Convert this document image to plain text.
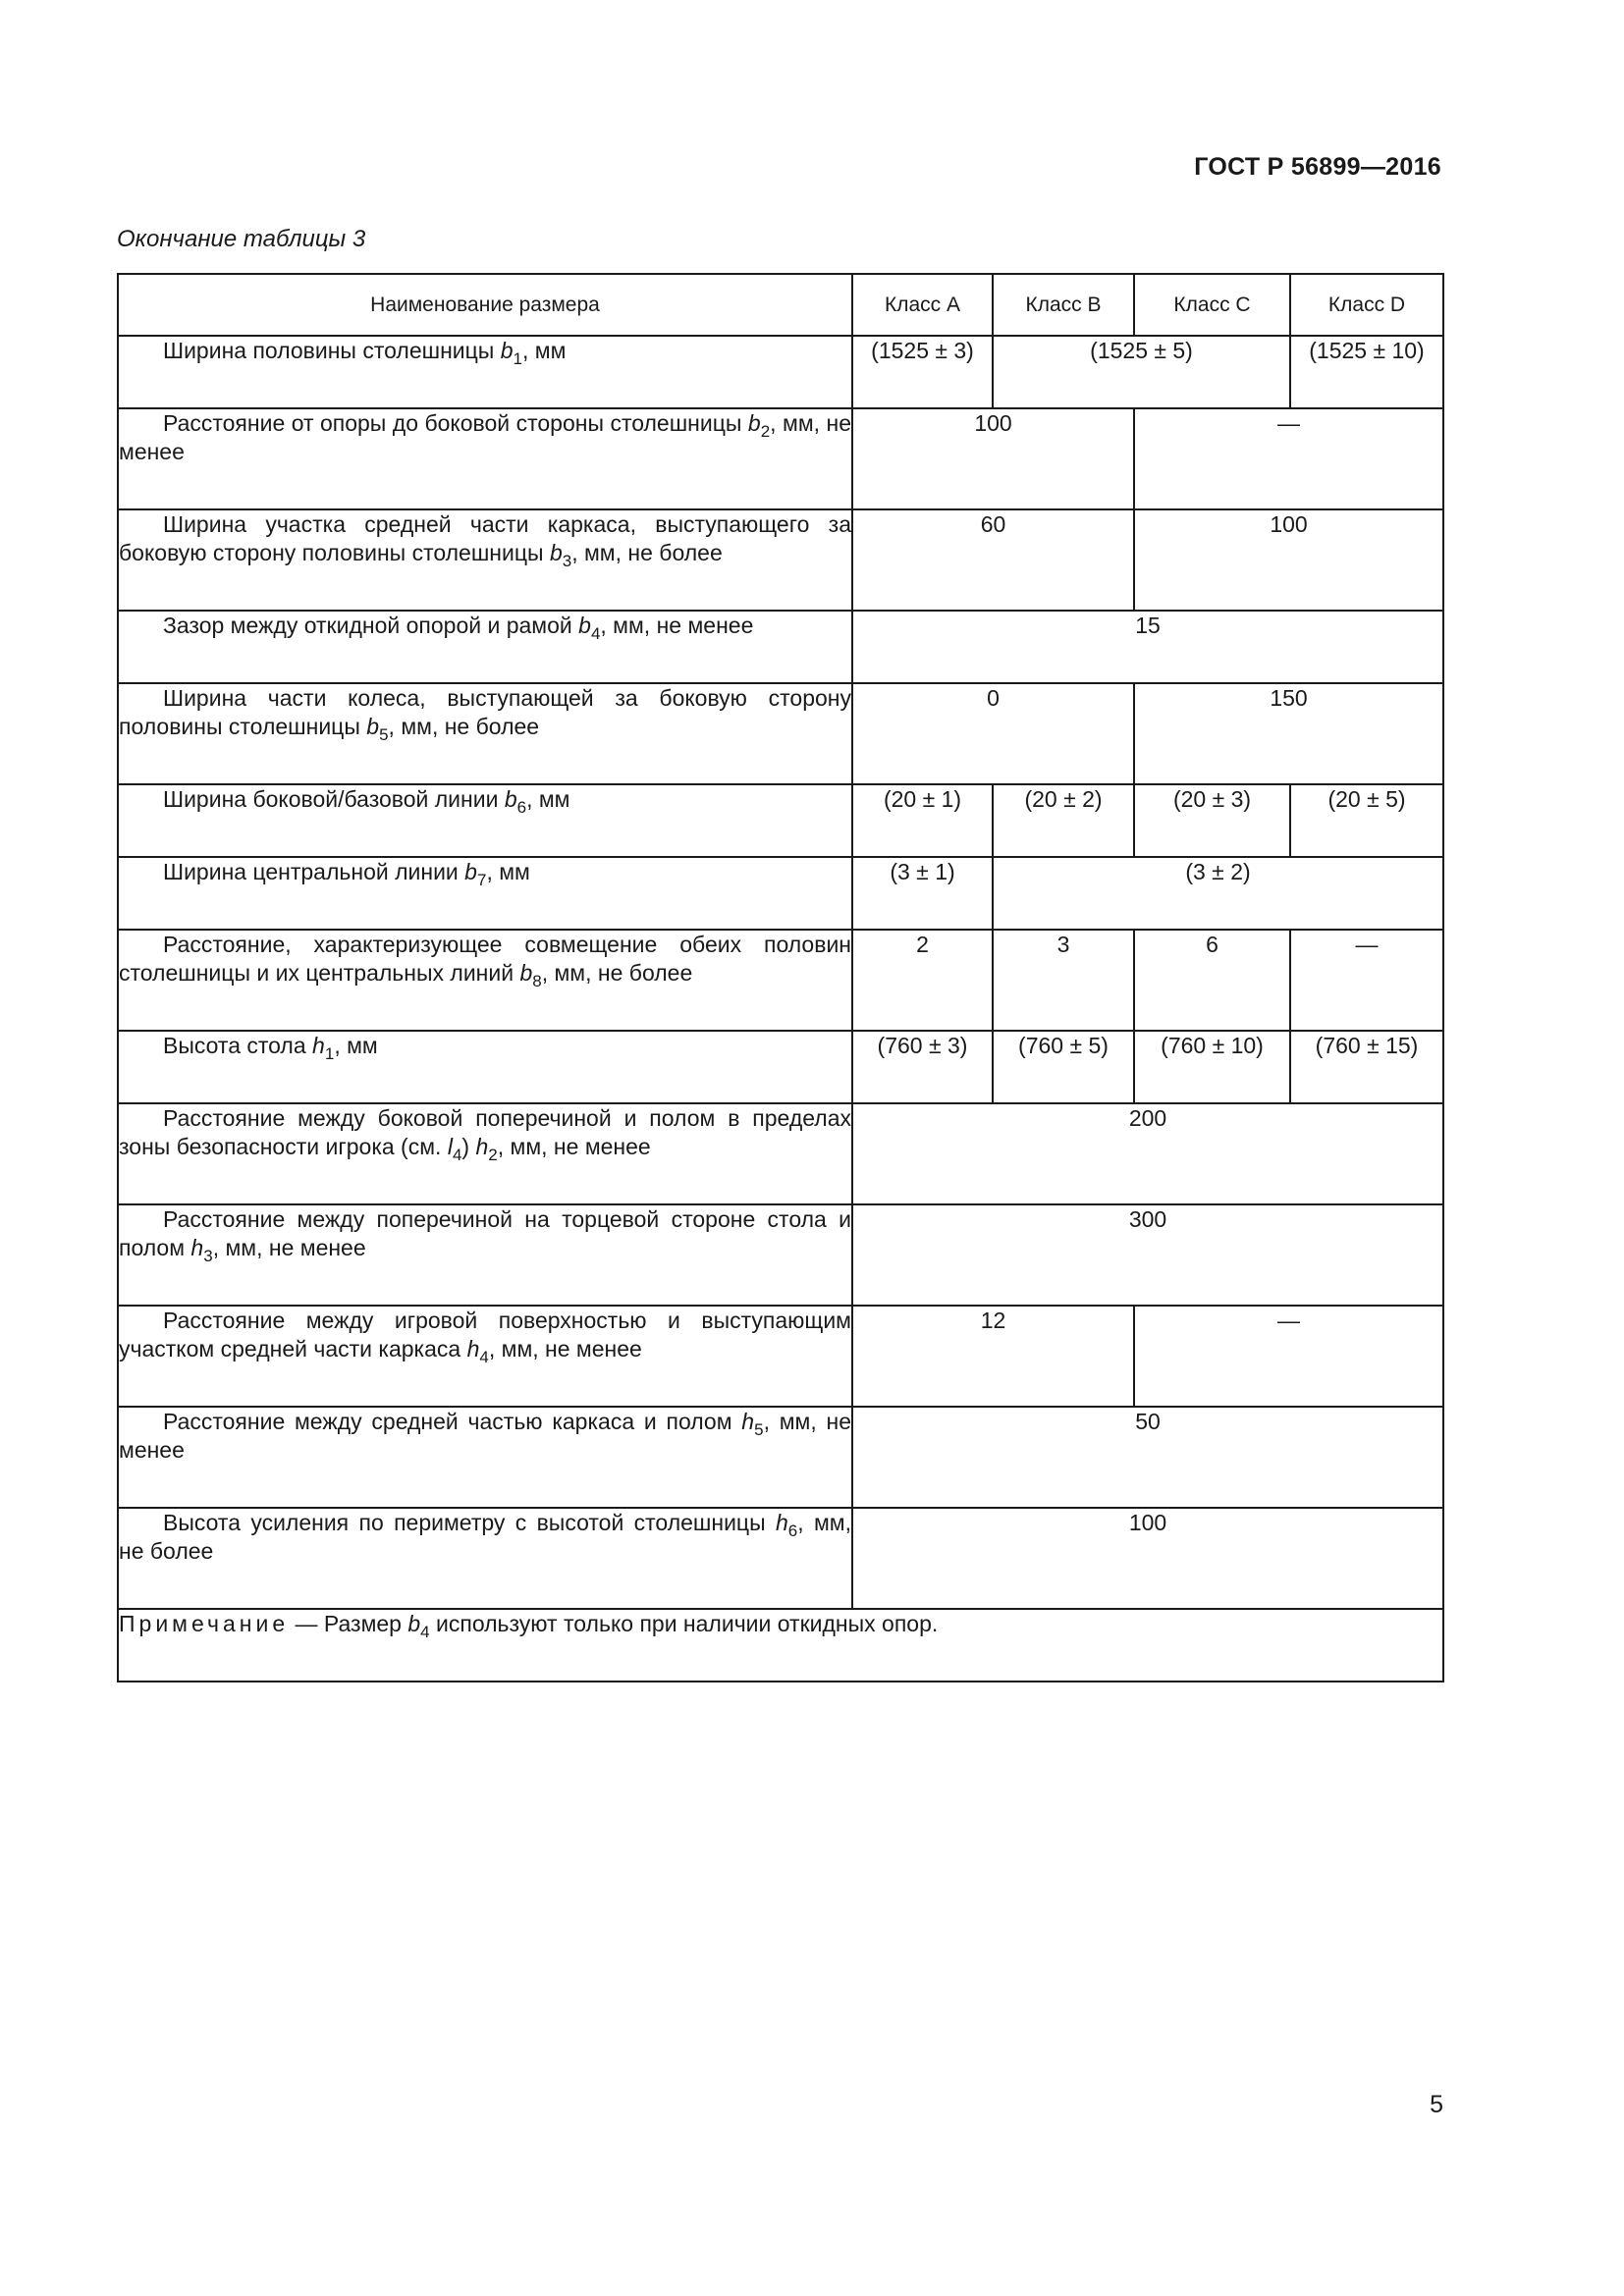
ГОСТ Р 56899—2016
Окончание таблицы 3
Наименование размера	Класс A	Класс B	Класс C	Класс D
Ширина половины столешницы $b_1$, мм	(1525 ± 3)	(1525 ± 5)		(1525 ± 10)
Расстояние от опоры до боковой стороны столешницы $b_2$, мм, не менее	100		—	
Ширина участка средней части каркаса, выступающего за боковую сторону половины столешницы $b_3$, мм, не более	60		100	
Зазор между откидной опорой и рамой $b_4$, мм, не менее	15			
Ширина части колеса, выступающей за боковую сторону половины столешницы $b_5$, мм, не более	0		150	
Ширина боковой/базовой линии $b_6$, мм	(20 ± 1)	(20 ± 2)	(20 ± 3)	(20 ± 5)
Ширина центральной линии $b_7$, мм	(3 ± 1)	(3 ± 2)		
Расстояние, характеризующее совмещение обеих половин столешницы и их центральных линий $b_8$, мм, не более	2	3	6	—
Высота стола $h_1$, мм	(760 ± 3)	(760 ± 5)	(760 ± 10)	(760 ± 15)
Расстояние между боковой поперечиной и полом в пределах зоны безопасности игрока (см. $l_4$) $h_2$, мм, не менее	200			
Расстояние между поперечиной на торцевой стороне стола и полом $h_3$, мм, не менее	300			
Расстояние между игровой поверхностью и выступающим участком средней части каркаса $h_4$, мм, не менее	12		—	
Расстояние между средней частью каркаса и полом $h_5$, мм, не менее	50			
Высота усиления по периметру с высотой столешницы $h_6$, мм, не более	100			
Примечание — Размер $b_4$ используют только при наличии откидных опор.				
5
